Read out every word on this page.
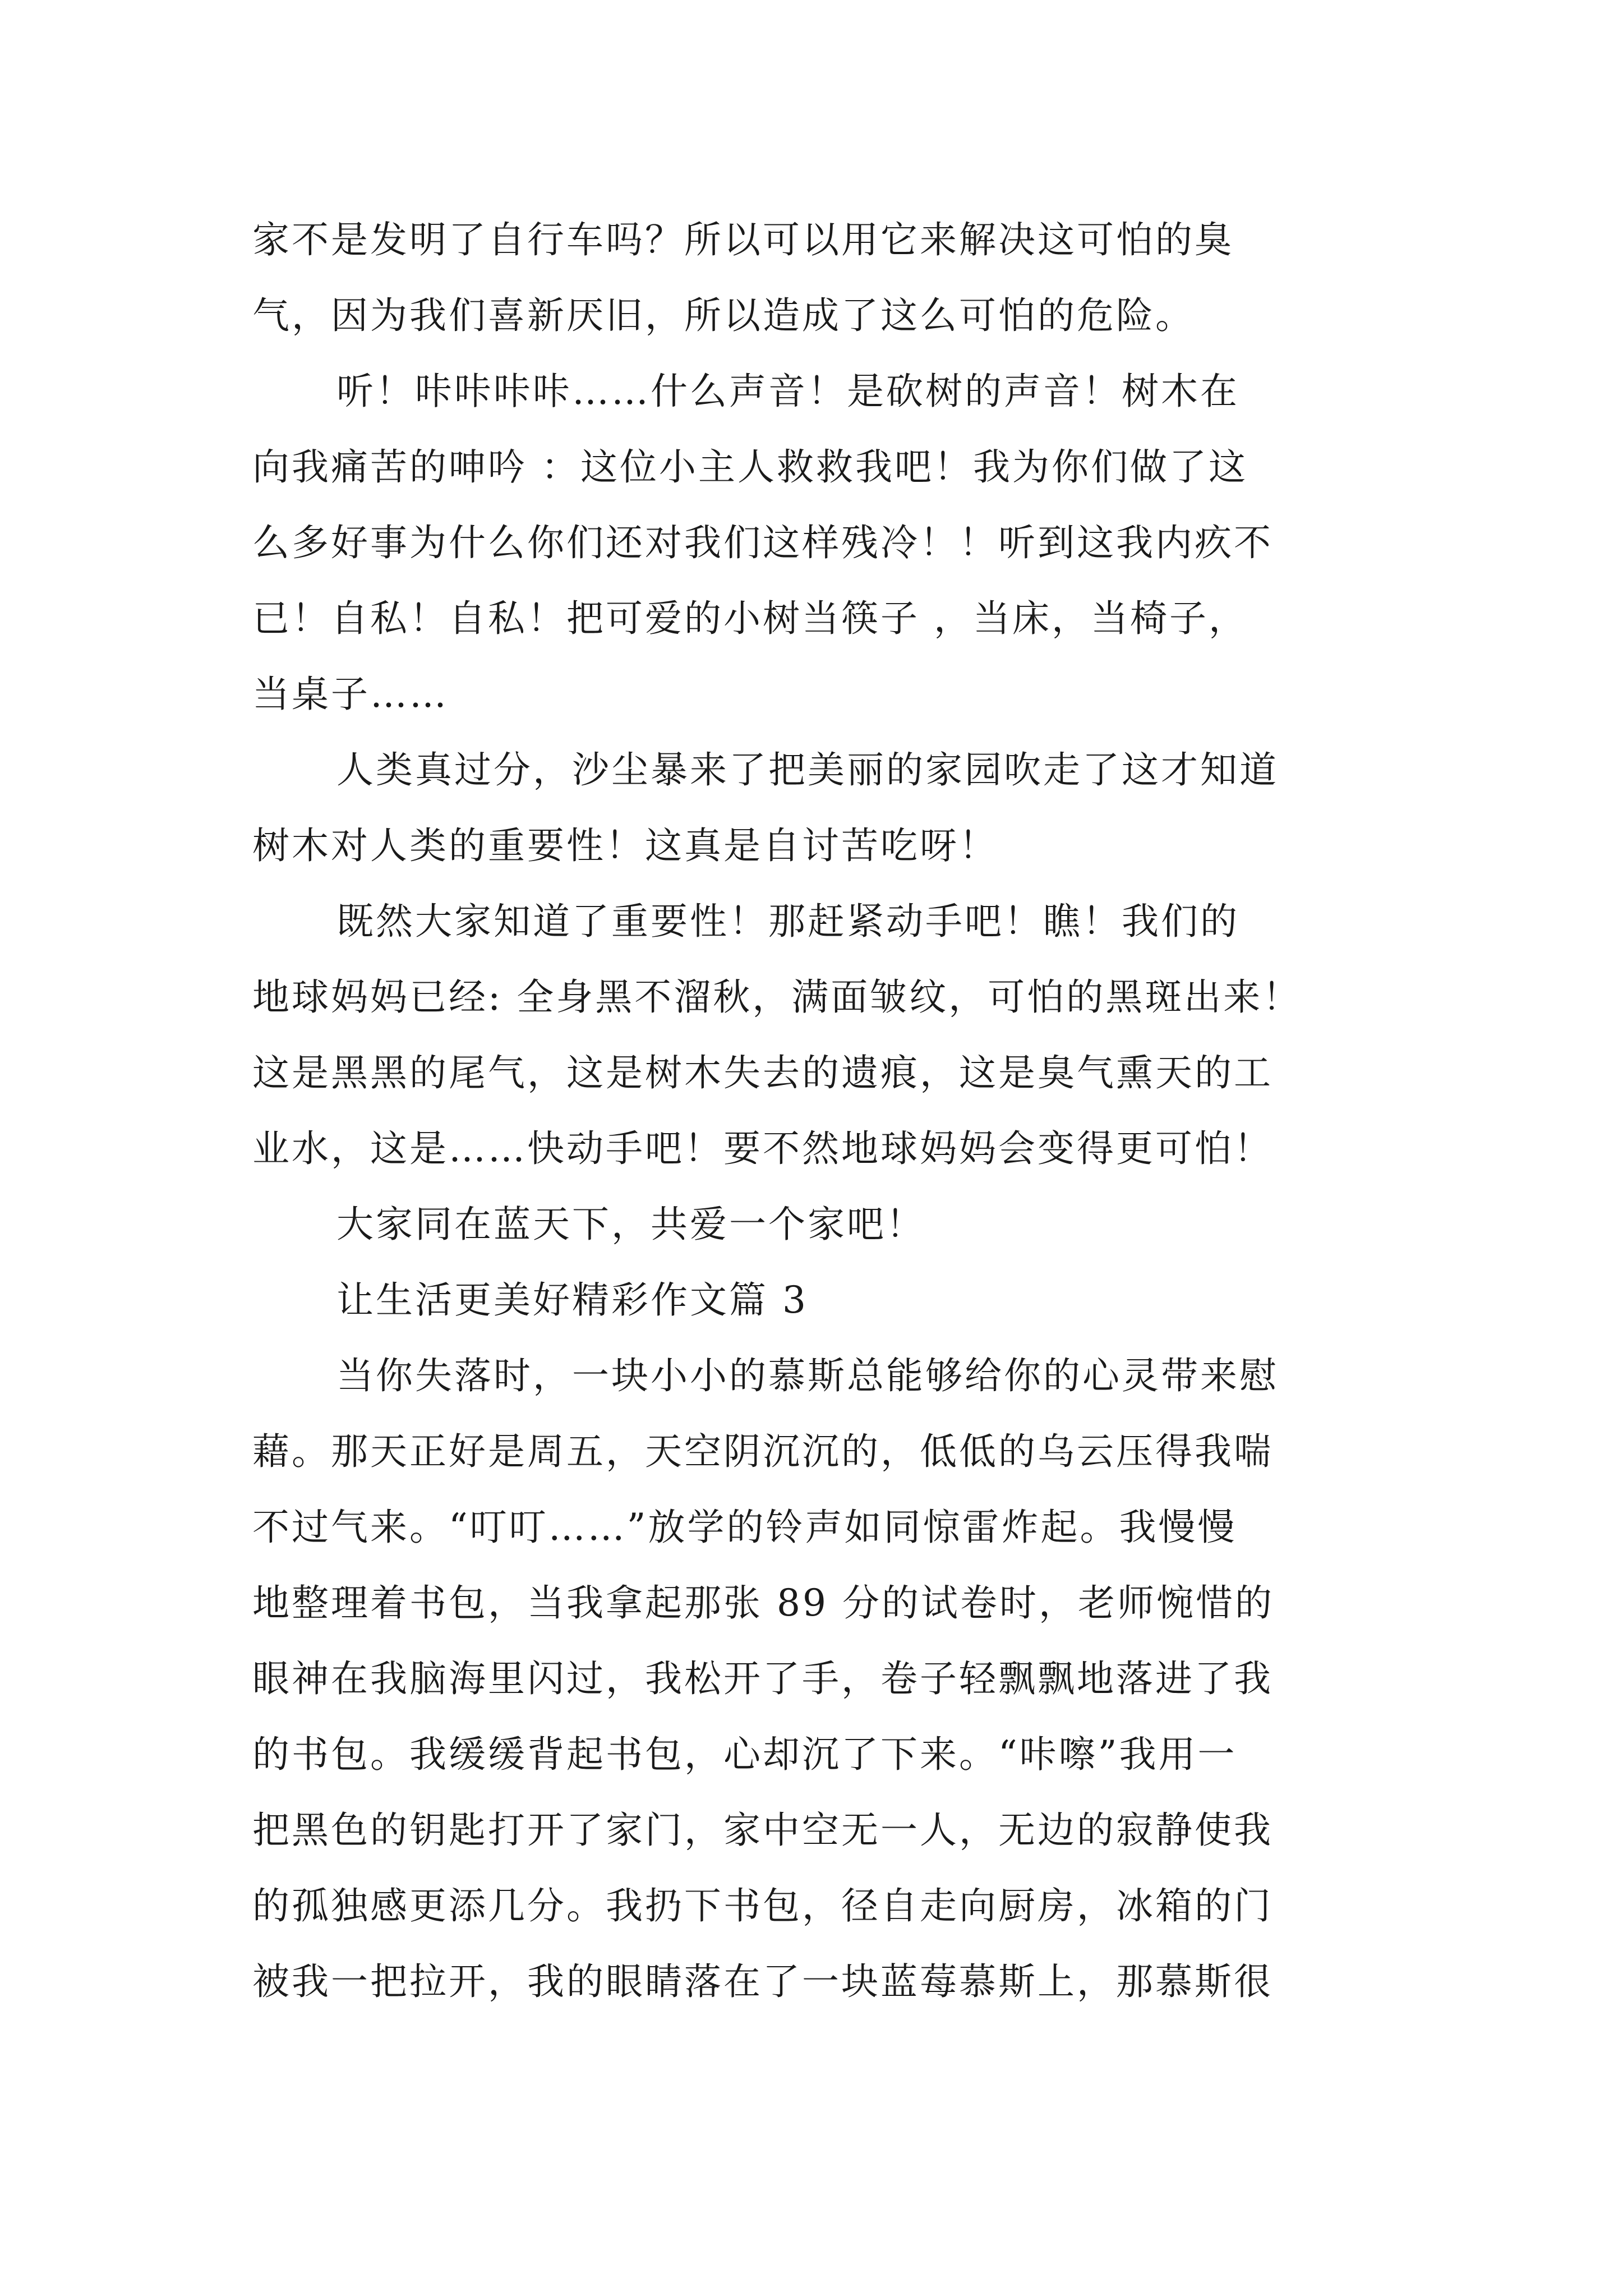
家不是发明了自行车吗？所以可以用它来解决这可怕的臭
气，因为我们喜新厌旧，所以造成了这么可怕的危险。
听！咔咔咔咔……什么声音！是砍树的声音！树木在
向我痛苦的呻吟 ：这位小主人救救我吧！我为你们做了这
么多好事为什么你们还对我们这样残冷！！听到这我内疚不
已！自私！自私！把可爱的小树当筷子 ，当床，当椅子，
当桌子……
人类真过分，沙尘暴来了把美丽的家园吹走了这才知道
树木对人类的重要性！这真是自讨苦吃呀！
既然大家知道了重要性！那赶紧动手吧！瞧！我们的
地球妈妈已经: 全身黑不溜秋，满面皱纹，可怕的黑斑出来！
这是黑黑的尾气，这是树木失去的遗痕，这是臭气熏天的工
业水，这是……快动手吧！要不然地球妈妈会变得更可怕！
大家同在蓝天下，共爱一个家吧！
让生活更美好精彩作文篇 3
当你失落时，一块小小的慕斯总能够给你的心灵带来慰
藉。那天正好是周五，天空阴沉沉的，低低的乌云压得我喘
不过气来。“叮叮……”放学的铃声如同惊雷炸起。我慢慢
地整理着书包，当我拿起那张 89 分的试卷时，老师惋惜的
眼神在我脑海里闪过，我松开了手，卷子轻飘飘地落进了我
的书包。我缓缓背起书包，心却沉了下来。“咔嚓”我用一
把黑色的钥匙打开了家门，家中空无一人，无边的寂静使我
的孤独感更添几分。我扔下书包，径自走向厨房，冰箱的门
被我一把拉开，我的眼睛落在了一块蓝莓慕斯上，那慕斯很
